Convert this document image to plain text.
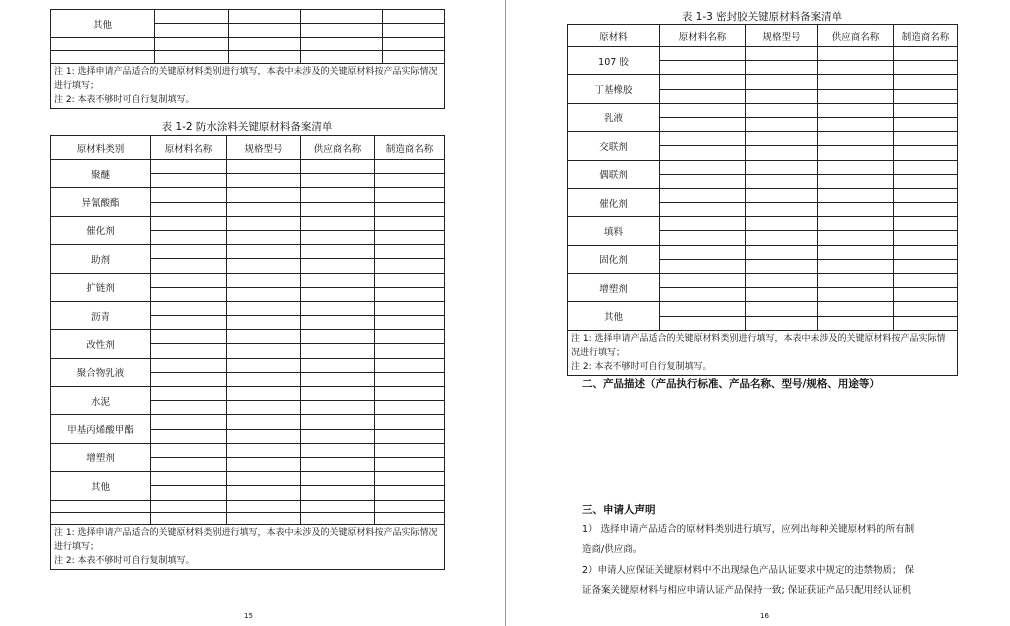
其他				

注 1: 选择申请产品适合的关键原材料类别进行填写，本表中未涉及的关键原材料按产品实际情况进行填写；
注 2: 本表不够时可自行复制填写。				
表 1-2 防水涂料关键原材料备案清单
原材料类别	原材料名称	规格型号	供应商名称	制造商名称
聚醚				

异氰酸酯				

催化剂				

助剂				

扩链剂				

沥青				

改性剂				

聚合物乳液				

水泥				

甲基丙烯酸甲酯				

增塑剂				

其他				

注 1: 选择申请产品适合的关键原材料类别进行填写，本表中未涉及的关键原材料按产品实际情况进行填写；
注 2: 本表不够时可自行复制填写。				
15
表 1-3 密封胶关键原材料备案清单
原材料	原材料名称	规格型号	供应商名称	制造商名称
107 胶				

丁基橡胶				

乳液				

交联剂				

偶联剂				

催化剂				

填料				

固化剂				

增塑剂				

其他				

注 1: 选择申请产品适合的关键原材料类别进行填写，本表中未涉及的关键原材料按产品实际情况进行填写；
注 2: 本表不够时可自行复制填写。				
二、产品描述（产品执行标准、产品名称、型号/规格、用途等）
三、申请人声明
1） 选择申请产品适合的原材料类别进行填写，应列出每种关键原材料的所有制
造商/供应商。
2）申请人应保证关键原材料中不出现绿色产品认证要求中规定的违禁物质； 保
证备案关键原材料与相应申请认证产品保持一致; 保证获证产品只配用经认证机
16
